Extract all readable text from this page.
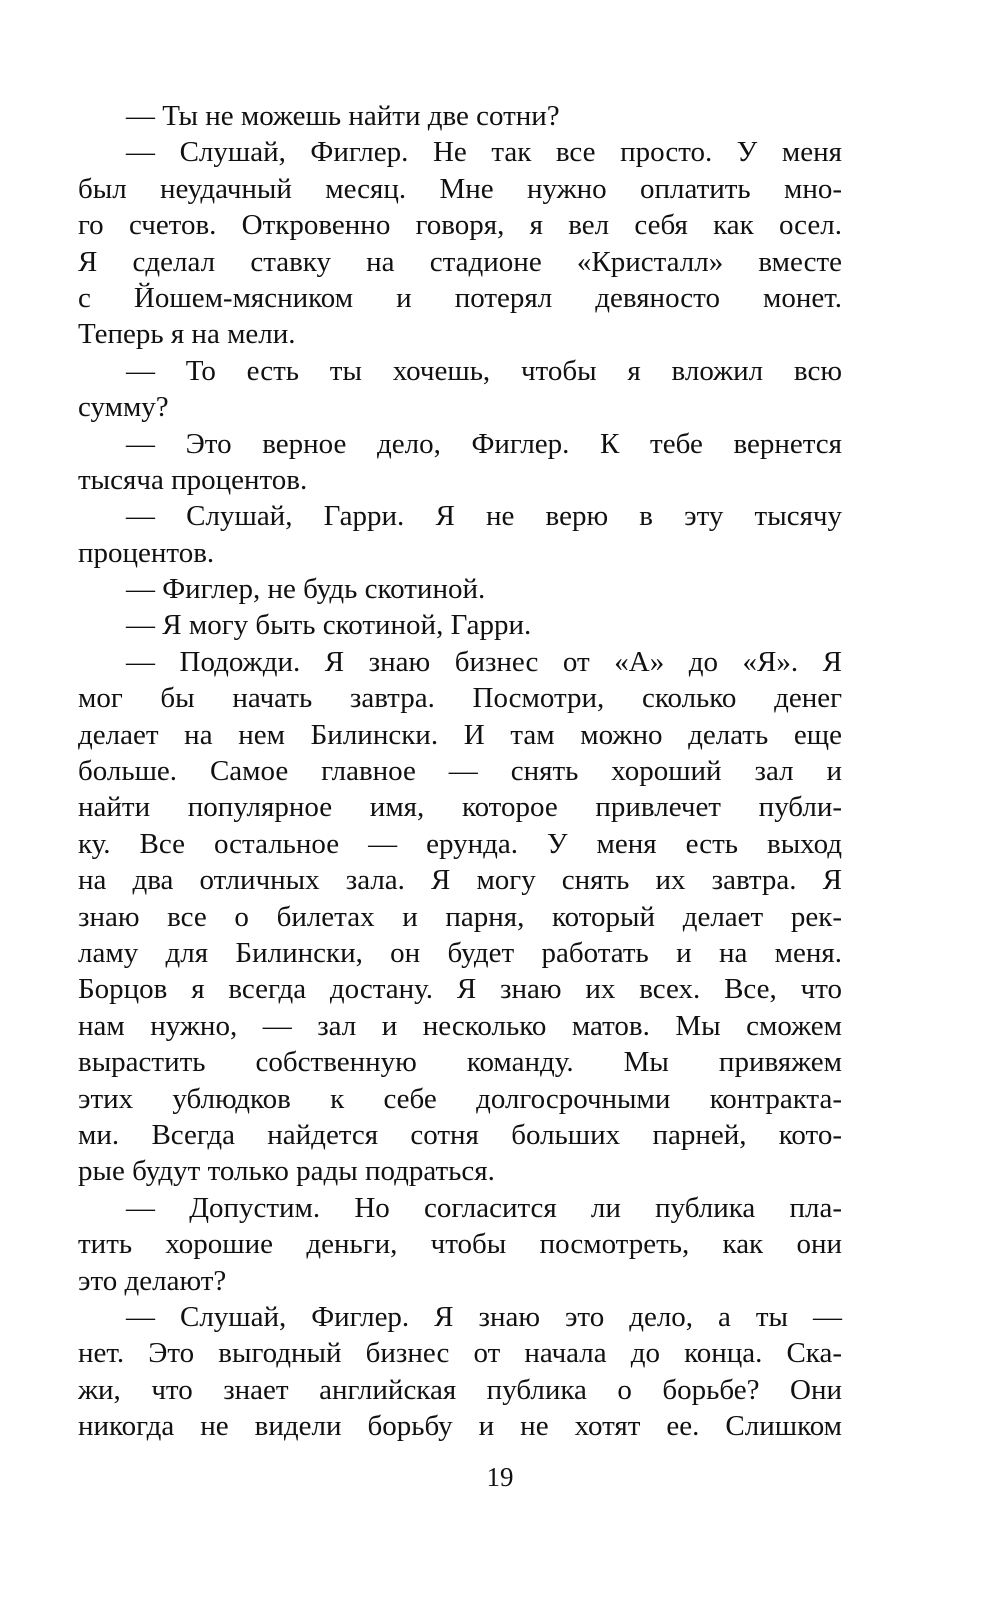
— Ты не можешь найти две сотни?
— Слушай, Фиглер. Не так все просто. У меня
был неудачный месяц. Мне нужно оплатить мно-
го счетов. Откровенно говоря, я вел себя как осел.
Я сделал ставку на стадионе «Кристалл» вместе
с Йошем-мясником и потерял девяносто монет.
Теперь я на мели.
— То есть ты хочешь, чтобы я вложил всю
сумму?
— Это верное дело, Фиглер. К тебе вернется
тысяча процентов.
— Слушай, Гарри. Я не верю в эту тысячу
процентов.
— Фиглер, не будь скотиной.
— Я могу быть скотиной, Гарри.
— Подожди. Я знаю бизнес от «А» до «Я». Я
мог бы начать завтра. Посмотри, сколько денег
делает на нем Билински. И там можно делать еще
больше. Самое главное — снять хороший зал и
найти популярное имя, которое привлечет публи-
ку. Все остальное — ерунда. У меня есть выход
на два отличных зала. Я могу снять их завтра. Я
знаю все о билетах и парня, который делает рек-
ламу для Билински, он будет работать и на меня.
Борцов я всегда достану. Я знаю их всех. Все, что
нам нужно, — зал и несколько матов. Мы сможем
вырастить собственную команду. Мы привяжем
этих ублюдков к себе долгосрочными контракта-
ми. Всегда найдется сотня больших парней, кото-
рые будут только рады подраться.
— Допустим. Но согласится ли публика пла-
тить хорошие деньги, чтобы посмотреть, как они
это делают?
— Слушай, Фиглер. Я знаю это дело, а ты —
нет. Это выгодный бизнес от начала до конца. Ска-
жи, что знает английская публика о борьбе? Они
никогда не видели борьбу и не хотят ее. Слишком
19
